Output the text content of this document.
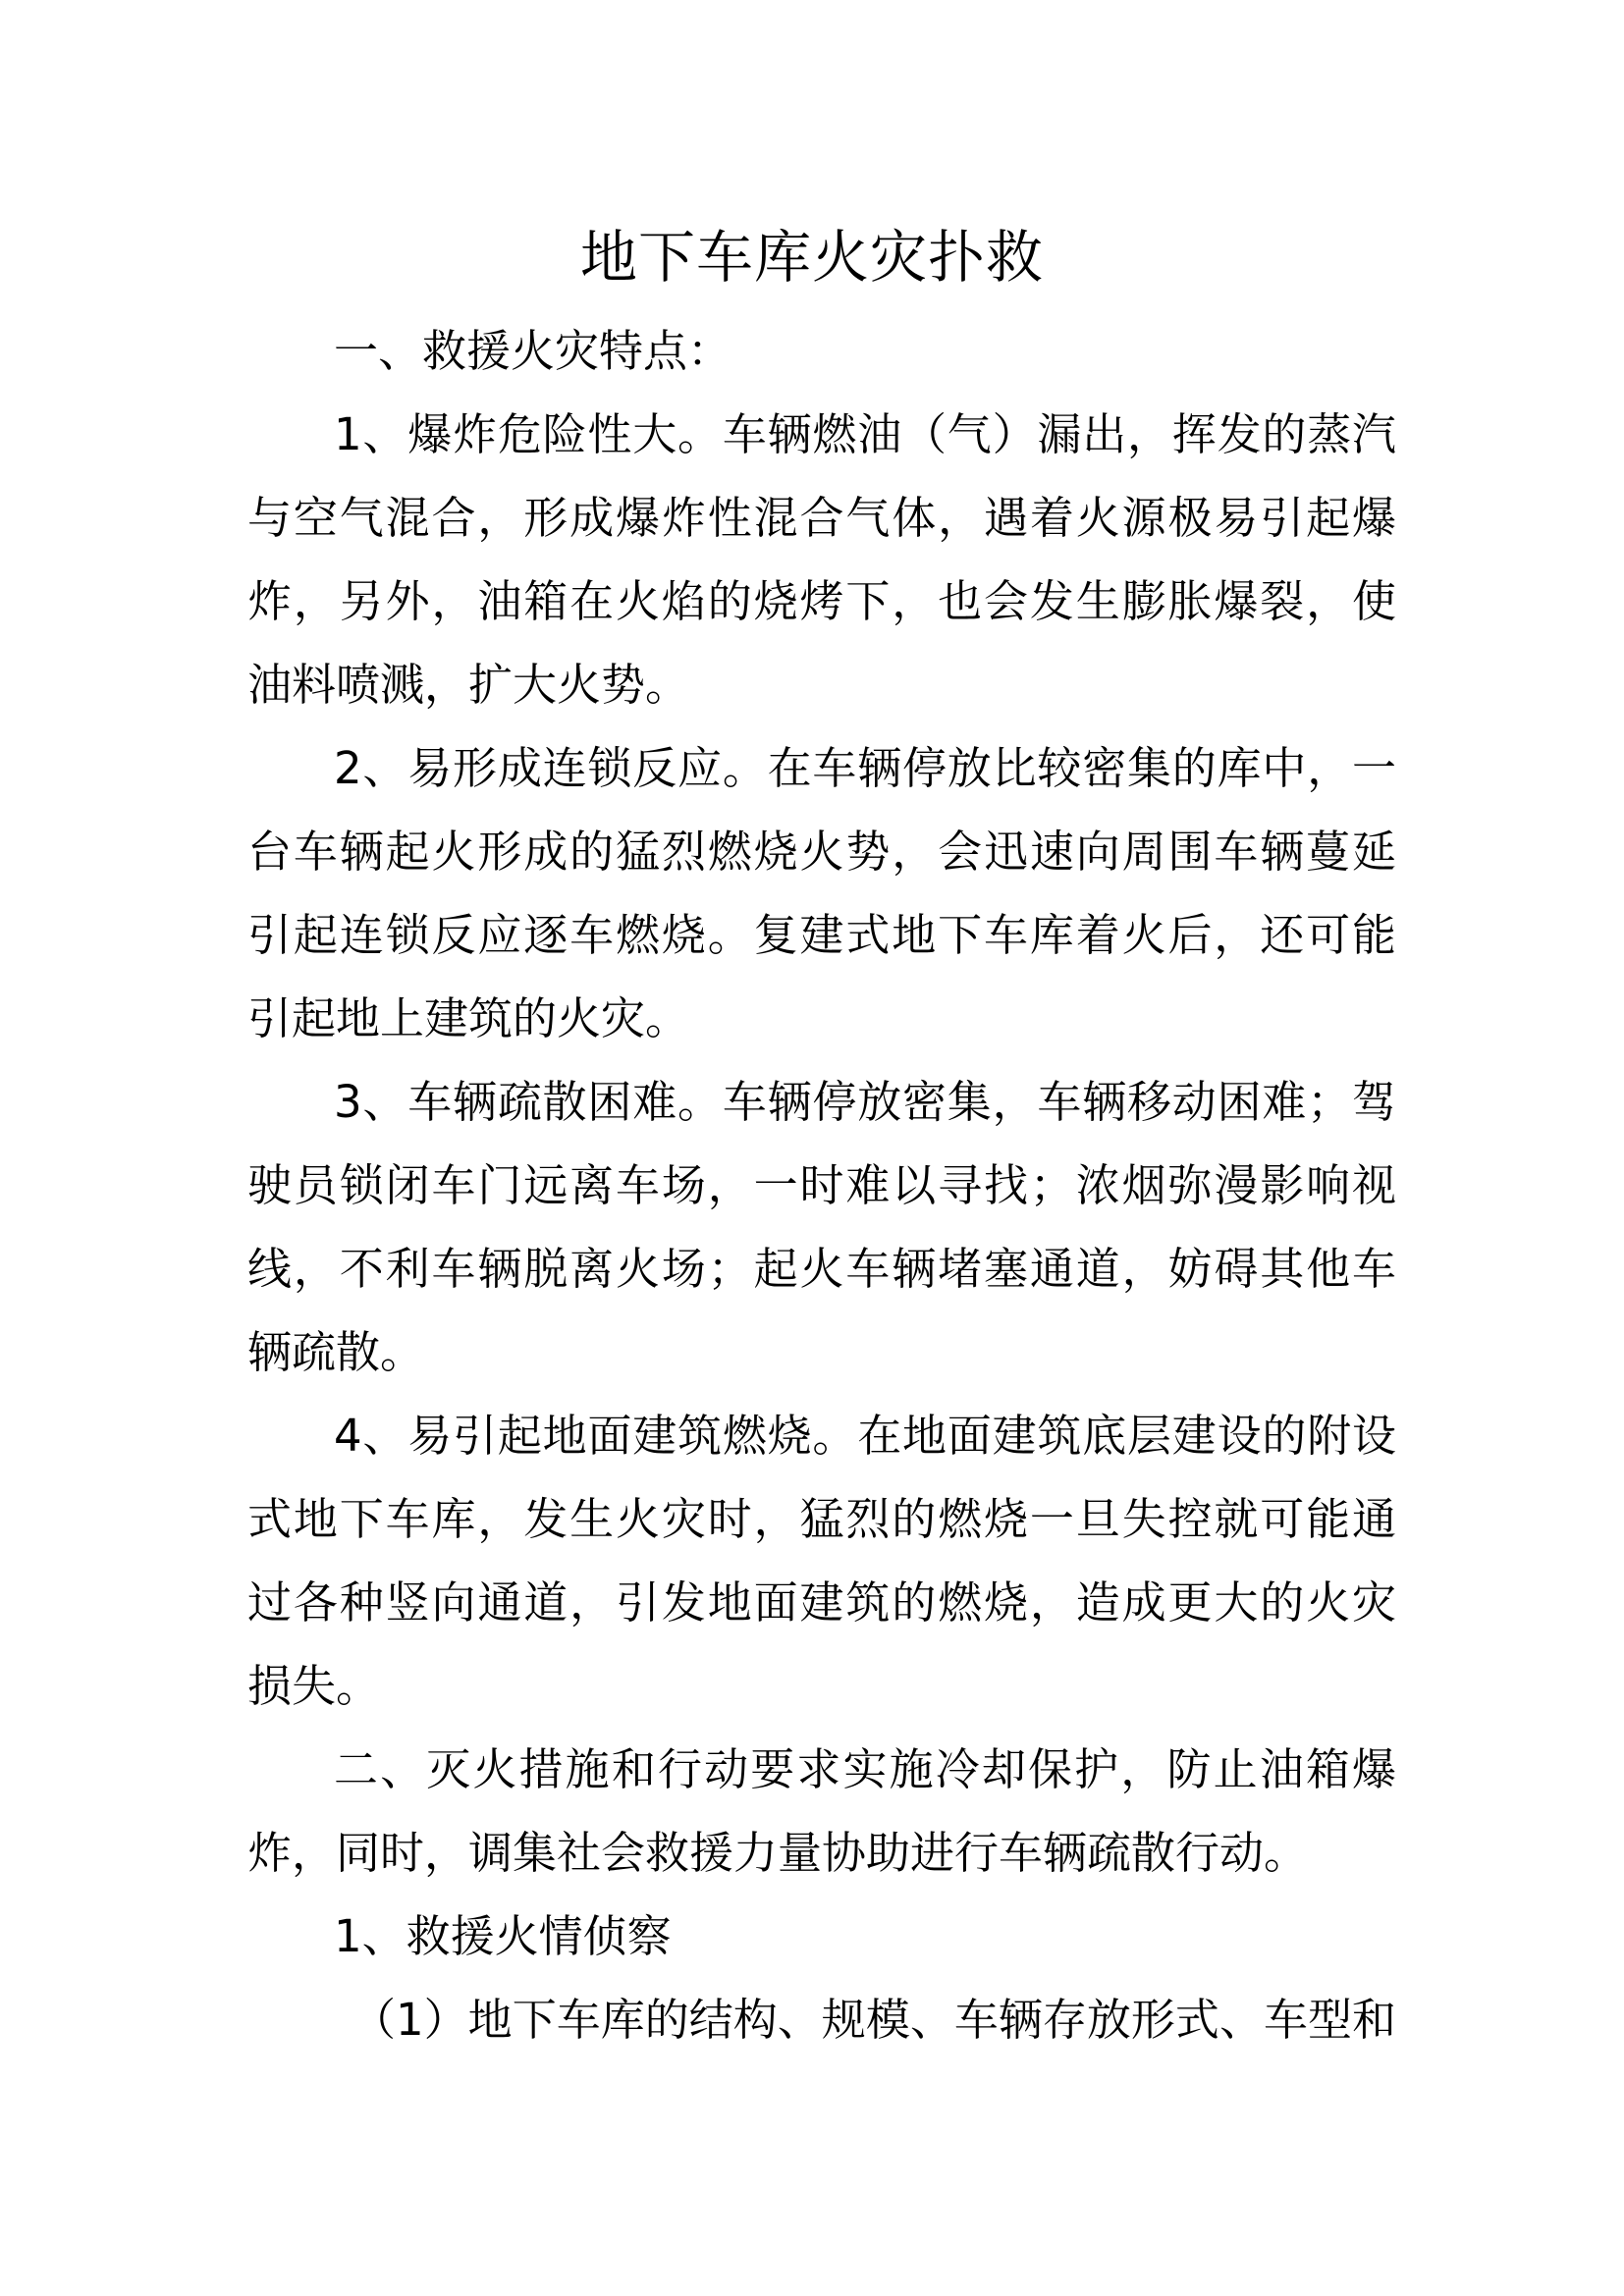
地下车库火灾扑救
一、救援火灾特点：
1、爆炸危险性大。车辆燃油（气）漏出，挥发的蒸汽
与空气混合，形成爆炸性混合气体，遇着火源极易引起爆
炸，另外，油箱在火焰的烧烤下，也会发生膨胀爆裂，使
油料喷溅，扩大火势。
2、易形成连锁反应。在车辆停放比较密集的库中，一
台车辆起火形成的猛烈燃烧火势，会迅速向周围车辆蔓延
引起连锁反应逐车燃烧。复建式地下车库着火后，还可能
引起地上建筑的火灾。
3、车辆疏散困难。车辆停放密集，车辆移动困难；驾
驶员锁闭车门远离车场，一时难以寻找；浓烟弥漫影响视
线，不利车辆脱离火场；起火车辆堵塞通道，妨碍其他车
辆疏散。
4、易引起地面建筑燃烧。在地面建筑底层建设的附设
式地下车库，发生火灾时，猛烈的燃烧一旦失控就可能通
过各种竖向通道，引发地面建筑的燃烧，造成更大的火灾
损失。
二、灭火措施和行动要求实施冷却保护，防止油箱爆
炸，同时，调集社会救援力量协助进行车辆疏散行动。
1、救援火情侦察
（1）地下车库的结构、规模、车辆存放形式、车型和
